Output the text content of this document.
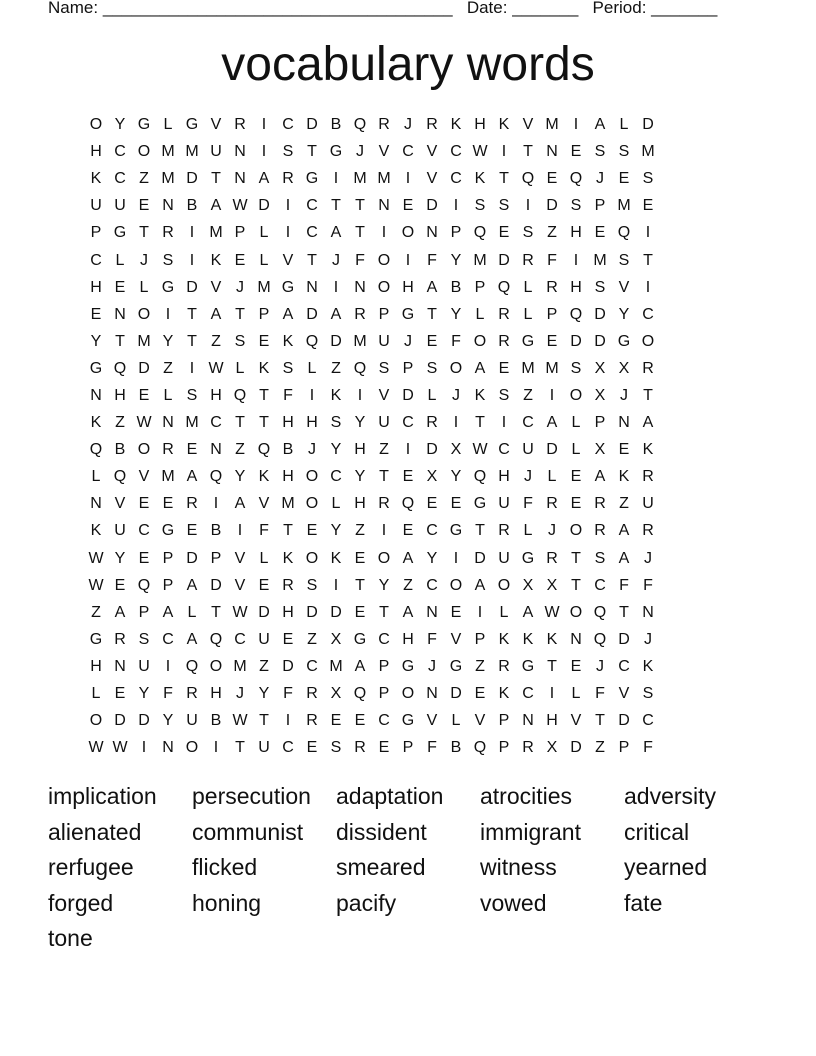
Name: _____________________________________ Date: _______ Period: _______
vocabulary words
O Y G L G V R I	C D B Q R J R K H K V M I	A L D
H C O M M U N I	S T G J V C V C W I	T N E S S M
K C Z M D T N A R G I M M I	V C K T Q E Q J E S
U U E N B A W D I	C T T N E D I	S S	I	D S P M E
P G T R I M P L	I	C A T	I O N P Q E S Z H E Q I
C L J S	I	K E L V T J F O I	F Y M D R F	I M S T
H E L G D V J M G N I	N O H A B P Q L R H S V	I
E N O I	T A T P A D A R P G T Y L R L P Q D Y C
Y T M Y T Z S E K Q D M U J E F O R G E D D G O
G Q D Z	I W L K S L Z Q S P S O A E M M S X X R
N H E L S H Q T F	I	K	I	V D L J K S Z	I O X J T
K Z W N M C T T H H S Y U C R I	T	I	C A L P N A
Q B O R E N Z Q B J Y H Z	I	D X W C U D L X E K
L Q V M A Q Y K H O C Y T E X Y Q H J L E A K R
N V E E R I	A V M O L H R Q E E G U F R E R Z U
K U C G E B	I	F T E Y Z	I	E C G T R L J O R A R
W Y E P D P V L K O K E O A Y	I	D U G R T S A J
W E Q P A D V E R S	I	T Y Z C O A O X X T C F F
Z A P A L T W D H D D E T A N E	I	L A W O Q T N
G R S C A Q C U E Z X G C H F V P K K K N Q D J
H N U I Q O M Z D C M A P G J G Z R G T E J C K
L E Y F R H J Y F R X Q P O N D E K C I	L F V S
O D D Y U B W T	I	R E E C G V L V P N H V T D C
W W I	N O I	T U C E S R E P F B Q P R X D Z P F
implication	persecution	adaptation	atrocities	adversity
alienated	communist	dissident	immigrant	critical
rerfugee	flicked	smeared	witness	yearned
forged	honing	pacify	vowed	fate
tone
